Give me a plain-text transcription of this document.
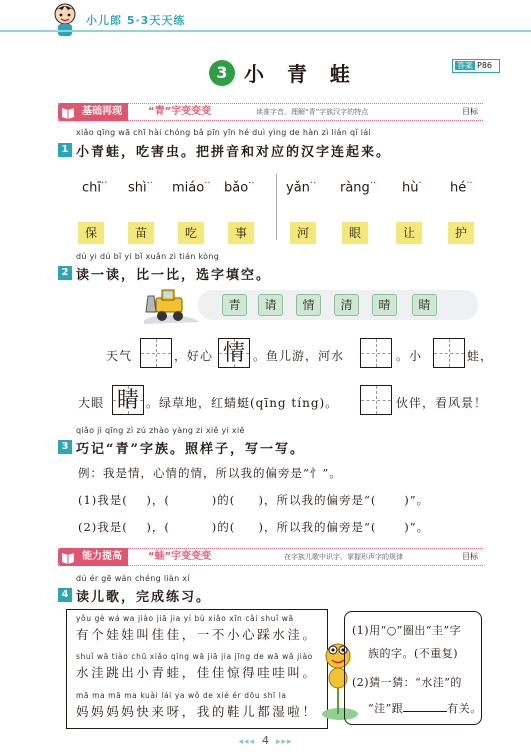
小儿郎 5·3天天练
3 小 青 蛙	答案 P86
基础再现	“青”字变变变	读准字音，理解“青”字族汉字的特点	目标
xiǎo qīng wā chī hài chóng bǎ pīn yīn hé duì yìng de hàn zì lián qǐ lái
1 小青蛙，吃害虫。把拼音和对应的汉字连起来。
chī·· shì·· miáo·· bǎo·· yǎn·· ràng·· hù· hé··
保	苗	吃	事	河	眼	让	护
dú yi dú bǐ yi bǐ xuǎn zì tián kòng
2 读一读，比一比，选字填空。
青	请	情	清	晴	睛
天气	，好心 情 。鱼儿游，河水	。小	蛙，
大眼 睛 。绿草地，红蜻蜓(qīng tíng)。	伙伴，看风景！
qiǎo jì qīng zì zú zhào yàng zi xiě yi xiě
3 巧记“青”字族。照样子，写一写。
例：我是情，心情的情，所以我的偏旁是“忄”。
(1)我是(    )，(         )的(     )，所以我的偏旁是“(      )”。
(2)我是(    )，(         )的(     )，所以我的偏旁是“(      )”。
能力提高	“蛙”字变变变	在字族儿歌中识字，掌握形声字的规律	目标
dú ér gē wán chéng liàn xí
4 读儿歌，完成练习。
yǒu gè wá wa jiào jiā jia yí bù xiǎo xīn cǎi shuǐ wā
有个娃娃叫佳佳，一不小心踩水洼。
shuǐ wā tiào chū xiǎo qīng wā jiā jia jīng de wā wā jiào
水洼跳出小青蛙，佳佳惊得哇哇叫。
mā ma mā ma kuài lái ya wǒ de xié ér dōu shī la
妈妈妈妈快来呀，我的鞋儿都湿啦！
(1)用“○”圈出“圭”字
族的字。(不重复)
(2)猜一猜：“水洼”的
“洼”跟	有关。
◂◂◂ 4 ▸▸▸
